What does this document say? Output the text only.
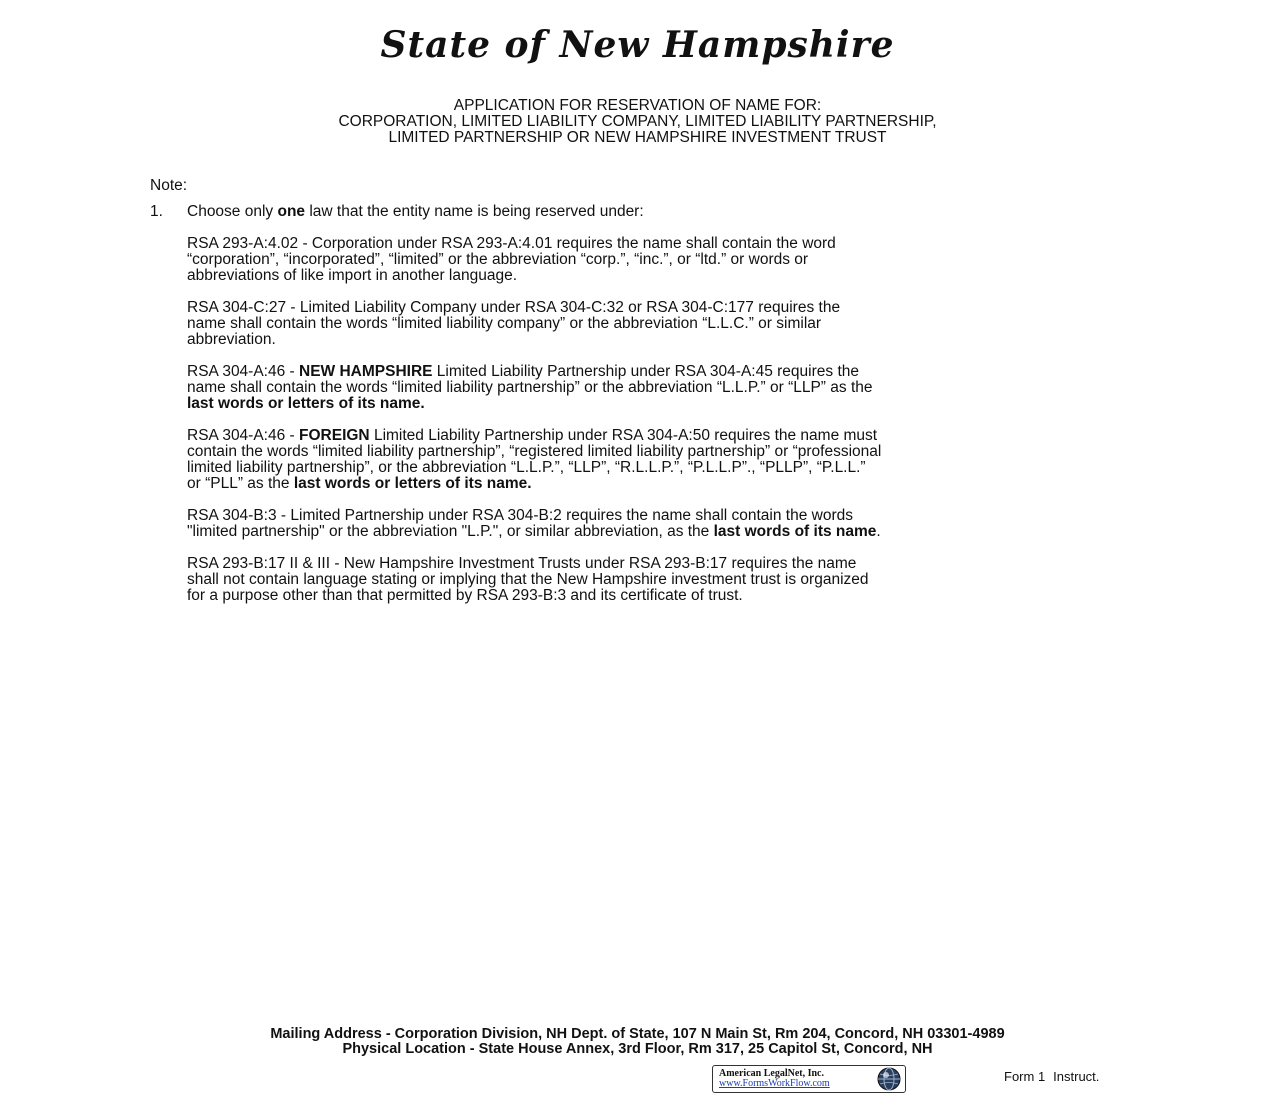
State of New Hampshire
APPLICATION FOR RESERVATION OF NAME FOR:
CORPORATION, LIMITED LIABILITY COMPANY, LIMITED LIABILITY PARTNERSHIP,
LIMITED PARTNERSHIP OR NEW HAMPSHIRE INVESTMENT TRUST
Note:
1. Choose only one law that the entity name is being reserved under:
RSA 293-A:4.02 - Corporation under RSA 293-A:4.01 requires the name shall contain the word
“corporation”, “incorporated”, “limited” or the abbreviation “corp.”, “inc.”, or “ltd.” or words or
abbreviations of like import in another language.
RSA 304-C:27 - Limited Liability Company under RSA 304-C:32 or RSA 304-C:177 requires the
name shall contain the words “limited liability company” or the abbreviation “L.L.C.” or similar
abbreviation.
RSA 304-A:46 - NEW HAMPSHIRE Limited Liability Partnership under RSA 304-A:45 requires the
name shall contain the words “limited liability partnership” or the abbreviation “L.L.P.” or “LLP” as the
last words or letters of its name.
RSA 304-A:46 - FOREIGN Limited Liability Partnership under RSA 304-A:50 requires the name must
contain the words “limited liability partnership”, “registered limited liability partnership” or “professional
limited liability partnership”, or the abbreviation “L.L.P.”, “LLP”, “R.L.L.P.”, “P.L.L.P”., “PLLP”, “P.L.L.”
or “PLL” as the last words or letters of its name.
RSA 304-B:3 - Limited Partnership under RSA 304-B:2 requires the name shall contain the words
"limited partnership" or the abbreviation "L.P.", or similar abbreviation, as the last words of its name.
RSA 293-B:17 II & III - New Hampshire Investment Trusts under RSA 293-B:17 requires the name
shall not contain language stating or implying that the New Hampshire investment trust is organized
for a purpose other than that permitted by RSA 293-B:3 and its certificate of trust.
Mailing Address - Corporation Division, NH Dept. of State, 107 N Main St, Rm 204, Concord, NH 03301-4989
Physical Location - State House Annex, 3rd Floor, Rm 317, 25 Capitol St, Concord, NH
American LegalNet, Inc.
www.FormsWorkFlow.com	Form 1 Instruct.
